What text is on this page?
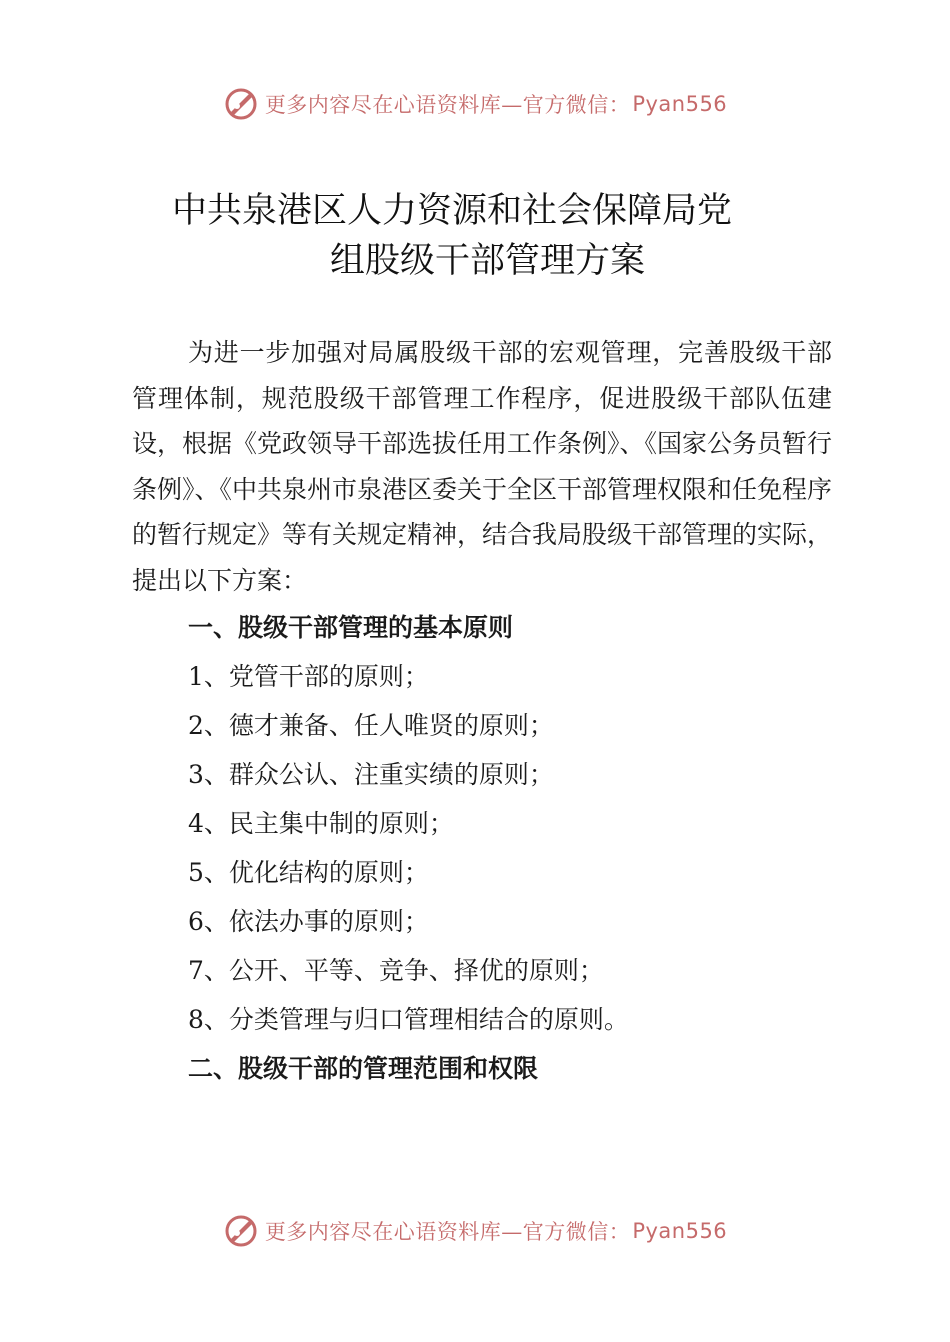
更多内容尽在心语资料库—官方微信： Pyan556
中共泉港区人力资源和社会保障局党
组股级干部管理方案

为进一步加强对局属股级干部的宏观管理，完善股级干部管理体制，规范股级干部管理工作程序，促进股级干部队伍建设，根据《党政领导干部选拔任用工作条例》、《国家公务员暂行条例》、《中共泉州市泉港区委关于全区干部管理权限和任免程序的暂行规定》等有关规定精神，结合我局股级干部管理的实际，提出以下方案：

一、股级干部管理的基本原则

1、党管干部的原则；

2、德才兼备、任人唯贤的原则；

3、群众公认、注重实绩的原则；

4、民主集中制的原则；

5、优化结构的原则；

6、依法办事的原则；

7、公开、平等、竞争、择优的原则；

8、分类管理与归口管理相结合的原则。

二、股级干部的管理范围和权限

更多内容尽在心语资料库—官方微信： Pyan556
